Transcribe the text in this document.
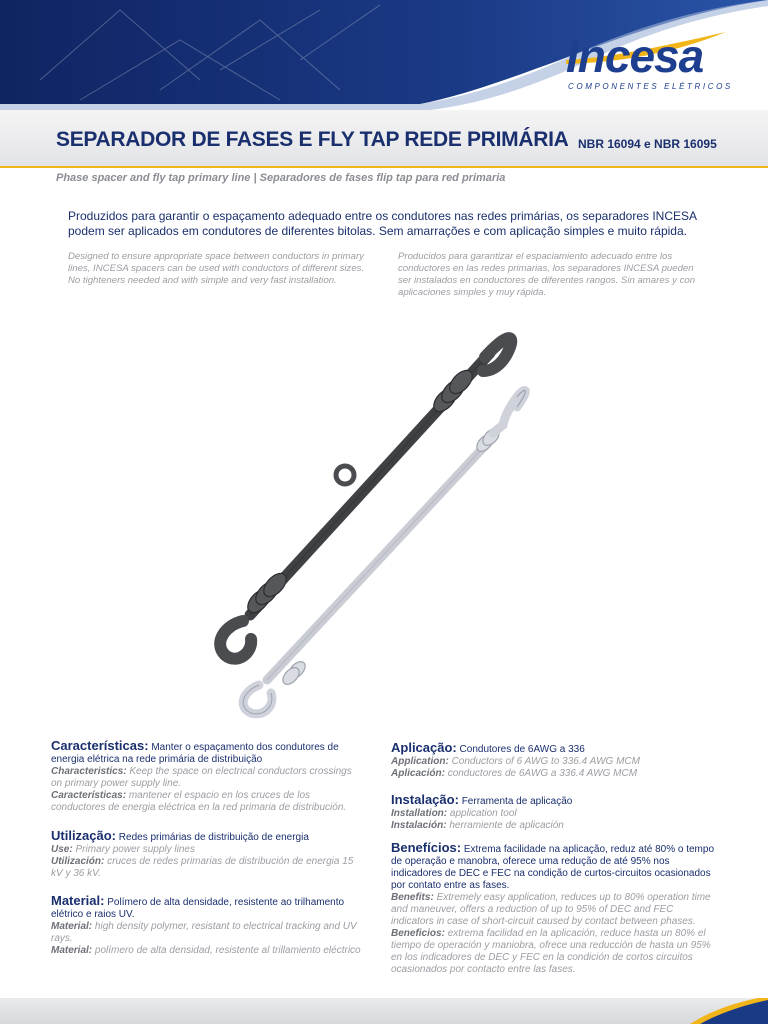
Incesa
COMPONENTES ELÉTRICOS
SEPARADOR DE FASES E FLY TAP REDE PRIMÁRIA NBR 16094 e NBR 16095
Phase spacer and fly tap primary line | Separadores de fases flip tap para red primaria
Produzidos para garantir o espaçamento adequado entre os condutores nas redes primárias, os separadores INCESA podem ser aplicados em condutores de diferentes bitolas. Sem amarrações e com aplicação simples e muito rápida.
Designed to ensure appropriate space between conductors in primary lines, INCESA spacers can be used with conductors of different sizes. No tighteners needed and with simple and very fast installation.
Producidos para garantizar el espaciamiento adecuado entre los conductores en las redes primarias, los separadores INCESA pueden ser instalados en conductores de diferentes rangos. Sin amares y con aplicaciones simples y muy rápida.
Características: Manter o espaçamento dos condutores de energia elétrica na rede primária de distribuição
Characteristics: Keep the space on electrical conductors crossings on primary power supply line.
Características: mantener el espacio en los cruces de los conductores de energia eléctrica en la red primaria de distribución.
Utilização: Redes primárias de distribuição de energia
Use: Primary power supply lines
Utilización: cruces de redes primarias de distribución de energia 15 kV y 36 kV.
Material: Polímero de alta densidade, resistente ao trilhamento elétrico e raios UV.
Material: high density polymer, resistant to electrical tracking and UV rays.
Material: polímero de alta densidad, resistente al trillamiento eléctrico
Aplicação: Condutores de 6AWG a 336
Application: Conductors of 6 AWG to 336.4 AWG MCM
Aplicación: conductores de 6AWG a 336.4 AWG MCM
Instalação: Ferramenta de aplicação
Installation: application tool
Instalación: herramiente de aplicación
Benefícios: Extrema facilidade na aplicação, reduz até 80% o tempo de operação e manobra, oferece uma redução de até 95% nos indicadores de DEC e FEC na condição de curtos-circuitos ocasionados por contato entre as fases.
Benefits: Extremely easy application, reduces up to 80% operation time and maneuver, offers a reduction of up to 95% of DEC and FEC indicators in case of short-circuit caused by contact between phases.
Beneficios: extrema facilidad en la aplicación, reduce hasta un 80% el tiempo de operación y maniobra, ofrece una reducción de hasta un 95% en los indicadores de DEC y FEC en la condición de cortos circuitos ocasionados por contacto entre las fases.
